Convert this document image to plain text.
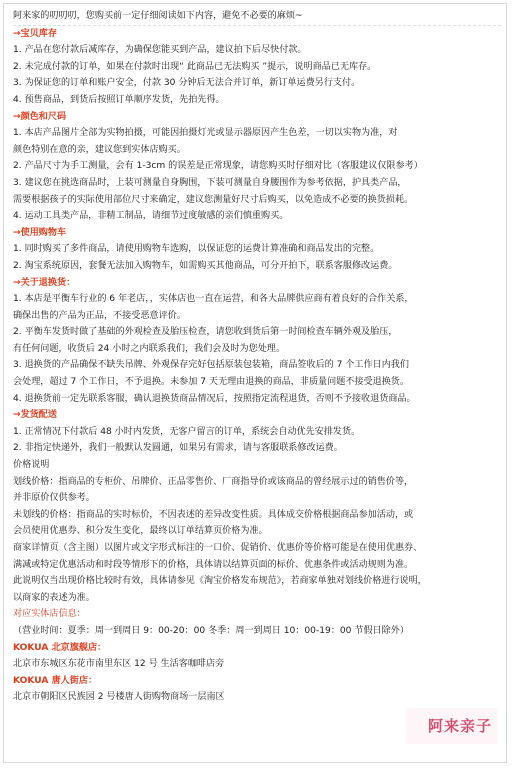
阿来家的叨叨叨，您购买前一定仔细阅读如下内容，避免不必要的麻烦~
→宝贝库存
1. 产品在您付款后减库存，为确保您能买到产品，建议拍下后尽快付款。
2. 未完成付款的订单，如果在付款时出现“ 此商品已无法购买 ”提示，说明商品已无库存。
3. 为保证您的订单和账户安全，付款 30 分钟后无法合并订单，新订单运费另行支付。
4. 预售商品，到货后按照订单顺序发货，先拍先得。
→颜色和尺码
1. 本店产品图片全部为实物拍摄，可能因拍摄灯光或显示器原因产生色差，一切以实物为准，对
颜色特别在意的亲，建议您到实体店购买。
2. 产品尺寸为手工测量，会有 1-3cm 的误差是正常现象，请您购买时仔细对比（客服建议仅限参考）
3. 建议您在挑选商品时，上装可测量自身胸围，下装可测量自身腰围作为参考依据，护具类产品，
需要根据孩子的实际使用部位尺寸来确定，建议您测量好尺寸后购买，以免造成不必要的换货损耗。
4. 运动工具类产品，非精工制品，请细节过度敏感的亲们慎重购买。
→使用购物车
1. 同时购买了多件商品，请使用购物车选购，以保证您的运费计算准确和商品发出的完整。
2. 淘宝系统原因，套餐无法加入购物车，如需购买其他商品，可分开拍下，联系客服修改运费。
→关于退换货：
1. 本店是平衡车行业的 6 年老店，，实体店也一直在运营，和各大品牌供应商有着良好的合作关系，
确保出售的产品为正品，不接受恶意评价。
2. 平衡车发货时做了基础的外观检查及胎压检查，请您收到货后第一时间检查车辆外观及胎压，
有任何问题，收货后 24 小时之内联系我们，我们会及时为您处理。
3. 退换货的产品确保不缺失吊牌、外观保存完好包括原装包装箱，商品签收后的 7 个工作日内我们
会处理，超过 7 个工作日，不予退换。未参加 7 天无理由退换的商品，非质量问题不接受退换货。
4. 退换货前一定先联系客服，确认退换货商品情况后，按照指定流程退货，否则不予接收退货商品。
→发货配送
1. 正常情况下付款后 48 小时内发货，无客户留言的订单，系统会自动优先安排发货。
2. 非指定快递外，我们一般默认发圆通，如果另有需求，请与客服联系修改运费。
价格说明
划线价格：指商品的专柜价、吊牌价、正品零售价、厂商指导价或该商品的曾经展示过的销售价等，
并非原价仅供参考。
未划线的价格：指商品的实时标价，不因表述的差异改变性质。具体成交价格根据商品参加活动，或
会员使用优惠券、积分发生变化，最终以订单结算页价格为准。
商家详情页（含主图）以图片或文字形式标注的一口价、促销价、优惠价等价格可能是在使用优惠券、
满减或特定优惠活动和时段等情形下的价格，具体请以结算页面的标价、优惠条件或活动规则为准。
此说明仅当出现价格比较时有效，具体请参见《淘宝价格发布规范》，若商家单独对划线价格进行说明，
以商家的表述为准。
对应实体店信息：
（营业时间：夏季：周一到周日 9：00-20：00 冬季：周一到周日 10：00-19：00 节假日除外）
KOKUA 北京旗舰店：
北京市东城区东花市南里东区 12 号 生活客咖啡店旁
KOKUA 唐人街店：
北京市朝阳区民族园 2 号楼唐人街购物商场一层南区
阿来亲子
